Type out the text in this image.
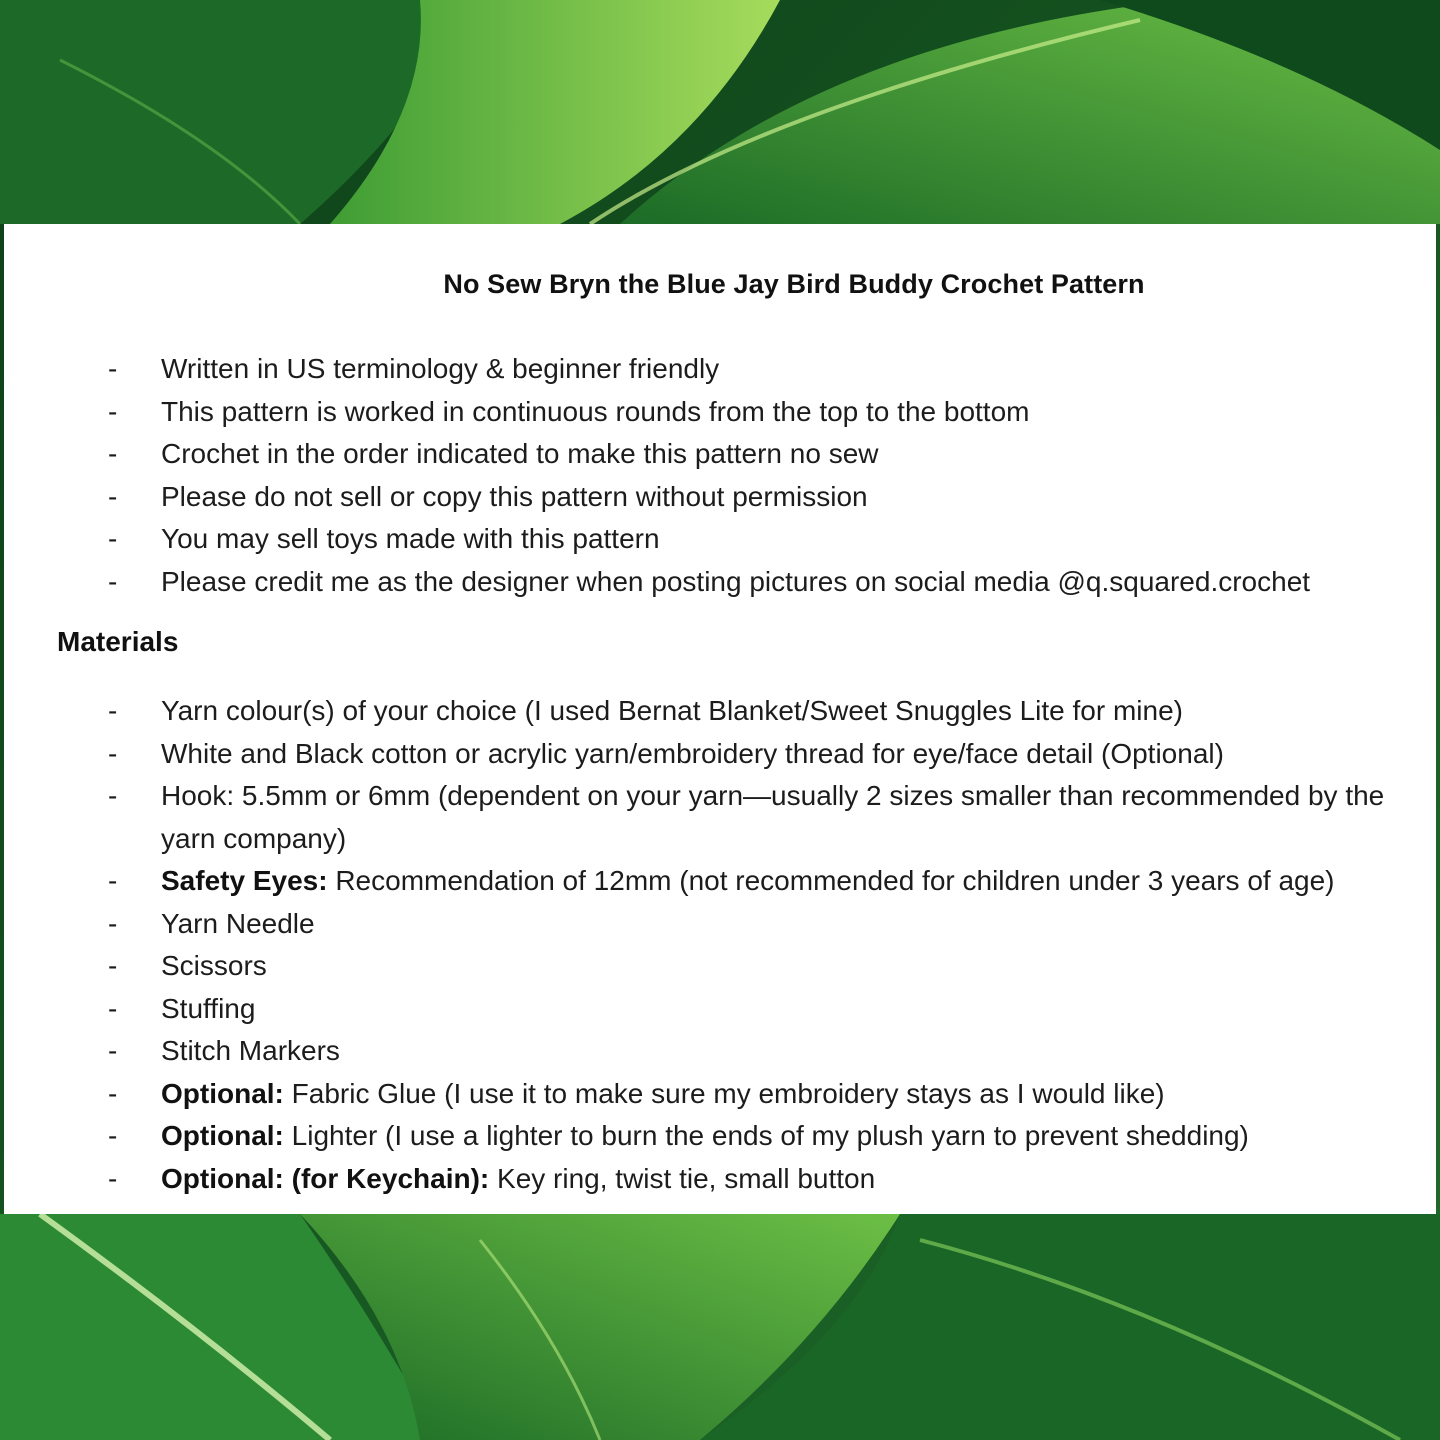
No Sew Bryn the Blue Jay Bird Buddy Crochet Pattern
- Written in US terminology & beginner friendly
- This pattern is worked in continuous rounds from the top to the bottom
- Crochet in the order indicated to make this pattern no sew
- Please do not sell or copy this pattern without permission
- You may sell toys made with this pattern
- Please credit me as the designer when posting pictures on social media @q.squared.crochet
Materials
- Yarn colour(s) of your choice (I used Bernat Blanket/Sweet Snuggles Lite for mine)
- White and Black cotton or acrylic yarn/embroidery thread for eye/face detail (Optional)
- Hook: 5.5mm or 6mm (dependent on your yarn—usually 2 sizes smaller than recommended by the yarn company)
- Safety Eyes: Recommendation of 12mm (not recommended for children under 3 years of age)
- Yarn Needle
- Scissors
- Stuffing
- Stitch Markers
- Optional: Fabric Glue (I use it to make sure my embroidery stays as I would like)
- Optional: Lighter (I use a lighter to burn the ends of my plush yarn to prevent shedding)
- Optional: (for Keychain): Key ring, twist tie, small button
